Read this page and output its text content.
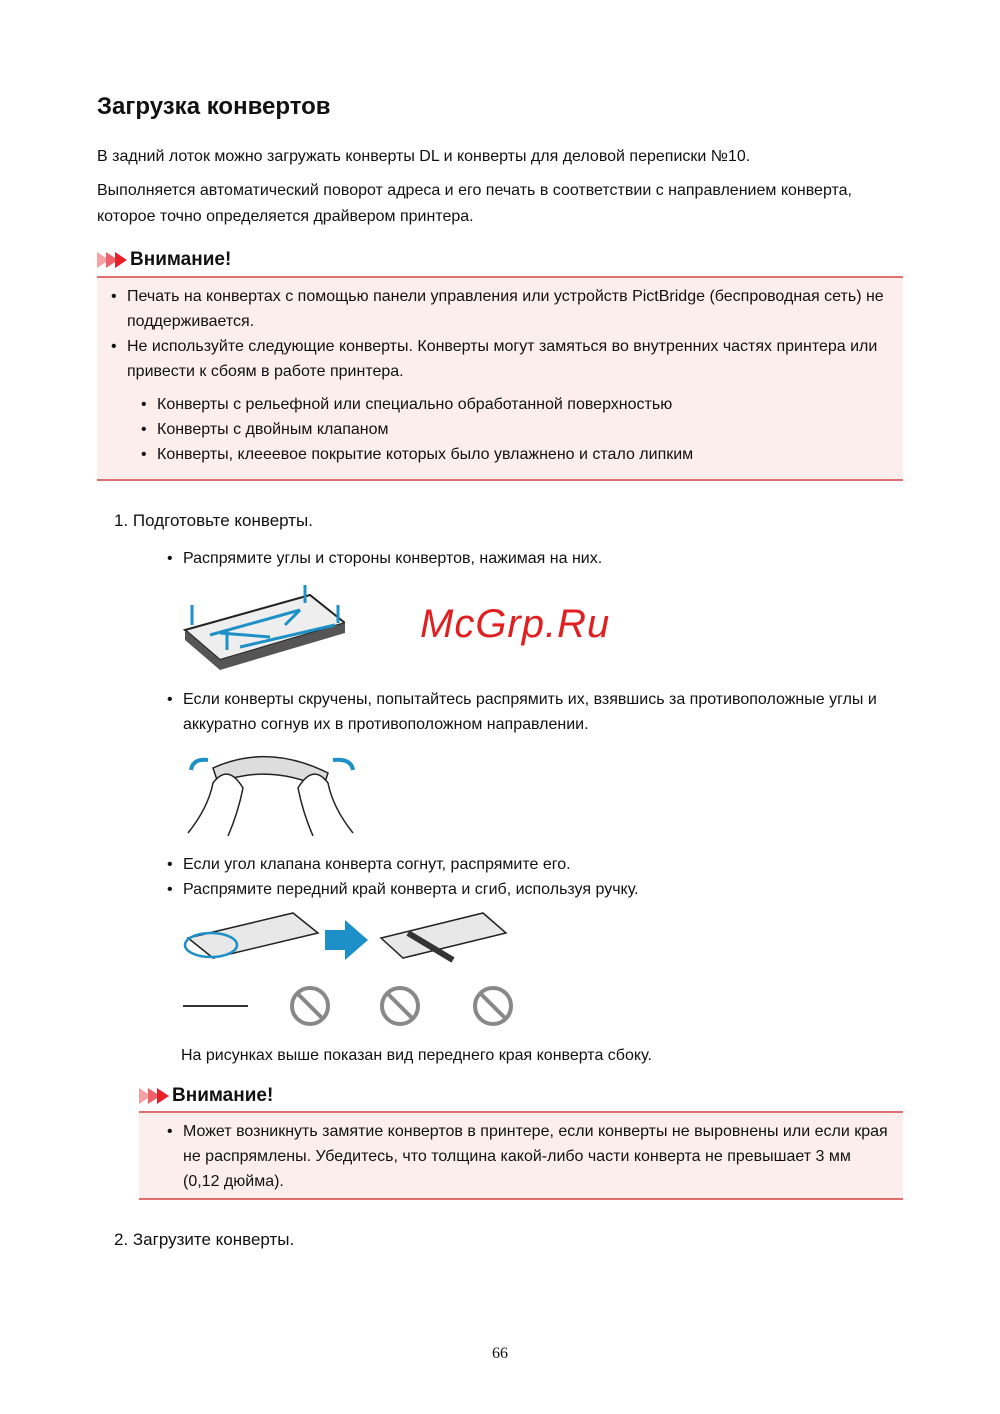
Загрузка конвертов
В задний лоток можно загружать конверты DL и конверты для деловой переписки №10.
Выполняется автоматический поворот адреса и его печать в соответствии с направлением конверта, которое точно определяется драйвером принтера.
Внимание!
• Печать на конвертах с помощью панели управления или устройств PictBridge (беспроводная сеть) не поддерживается.
• Не используйте следующие конверты. Конверты могут замяться во внутренних частях принтера или привести к сбоям в работе принтера.
• Конверты с рельефной или специально обработанной поверхностью
• Конверты с двойным клапаном
• Конверты, клееевое покрытие которых было увлажнено и стало липким
1. Подготовьте конверты.
• Распрямите углы и стороны конвертов, нажимая на них.
McGrp.Ru
• Если конверты скручены, попытайтесь распрямить их, взявшись за противоположные углы и аккуратно согнув их в противоположном направлении.
• Если угол клапана конверта согнут, распрямите его.
• Распрямите передний край конверта и сгиб, используя ручку.
На рисунках выше показан вид переднего края конверта сбоку.
Внимание!
• Может возникнуть замятие конвертов в принтере, если конверты не выровнены или если края не распрямлены. Убедитесь, что толщина какой-либо части конверта не превышает 3 мм (0,12 дюйма).
2. Загрузите конверты.
66
